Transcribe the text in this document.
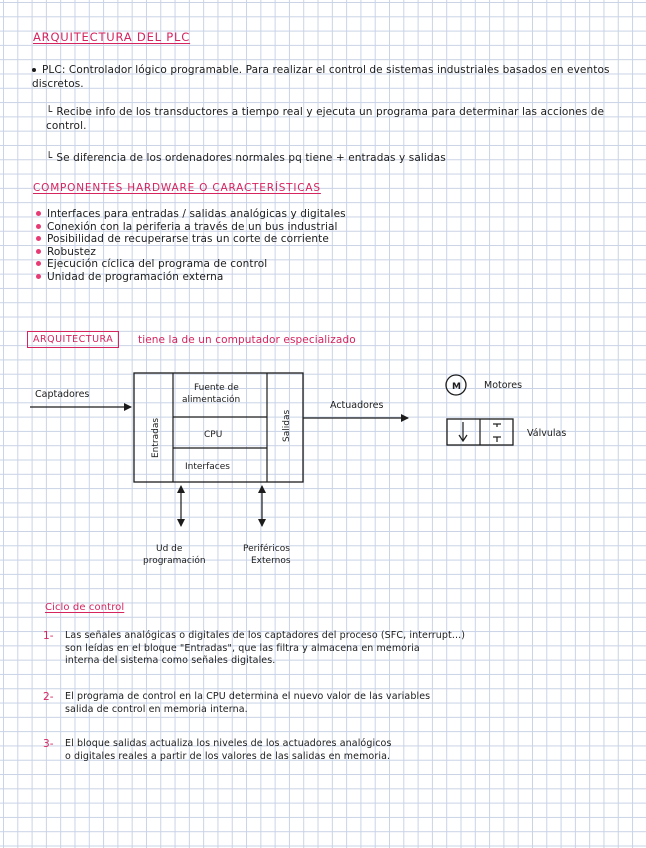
ARQUITECTURA DEL PLC
PLC: Controlador lógico programable. Para realizar el control de sistemas industriales basados en eventos discretos.
└ Recibe info de los transductores a tiempo real y ejecuta un programa para determinar las acciones de control.
└ Se diferencia de los ordenadores normales pq tiene + entradas y salidas
COMPONENTES HARDWARE O CARACTERÍSTICAS
Interfaces para entradas / salidas analógicas y digitales
Conexión con la periferia a través de un bus industrial
Posibilidad de recuperarse tras un corte de corriente
Robustez
Ejecución cíclica del programa de control
Unidad de programación externa
ARQUITECTURA	tiene la de un computador especializado
Captadores
Entradas	Salidas
Fuente de
alimentación
CPU
Interfaces
Actuadores
M Motores
Válvulas
Ud de
programación
Periféricos
Externos
Ciclo de control
1- Las señales analógicas o digitales de los captadores del proceso (SFC, interrupt...)
son leídas en el bloque "Entradas", que las filtra y almacena en memoria
interna del sistema como señales digitales.
2- El programa de control en la CPU determina el nuevo valor de las variables
salida de control en memoria interna.
3- El bloque salidas actualiza los niveles de los actuadores analógicos
o digitales reales a partir de los valores de las salidas en memoria.
